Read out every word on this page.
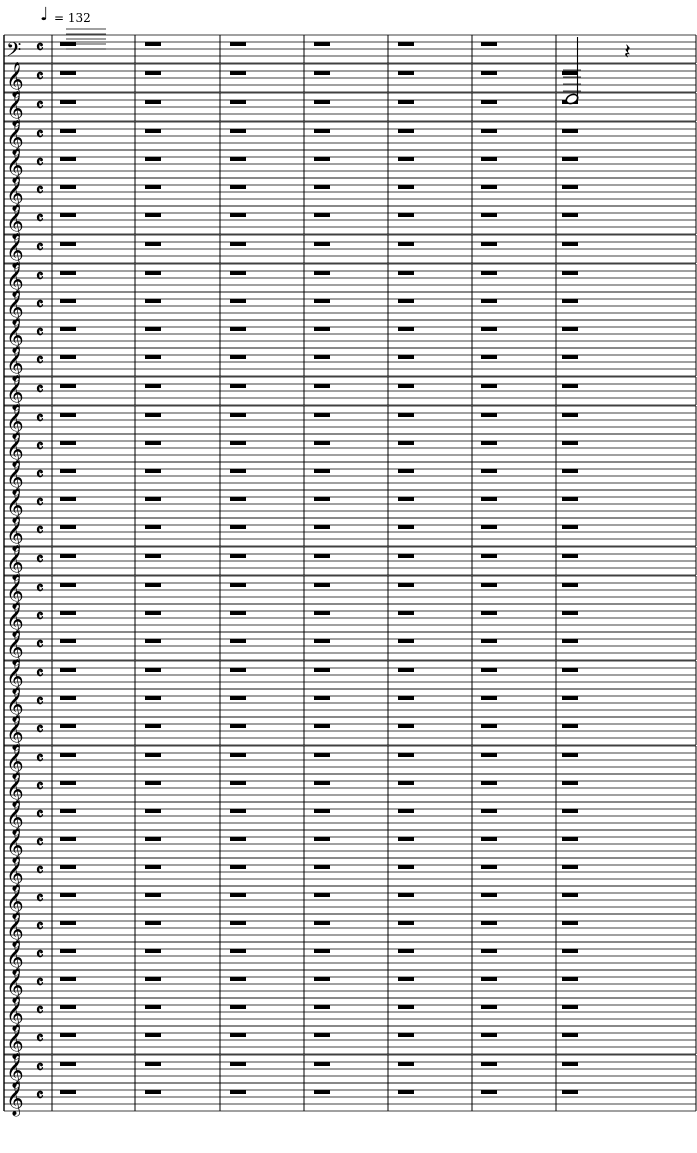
♩ = 132
𝄢 𝄴
𝄞 𝄴
𝄞 𝄴
𝄞 𝄴
𝄞 𝄴
𝄞 𝄴
𝄞 𝄴
𝄞 𝄴
𝄞 𝄴
𝄞 𝄴
𝄞 𝄴
𝄞 𝄴
𝄞 𝄴
𝄞 𝄴
𝄞 𝄴
𝄞 𝄴
𝄞 𝄴
𝄞 𝄴
𝄞 𝄴
𝄞 𝄴
𝄞 𝄴
𝄞 𝄴
𝄞 𝄴
𝄞 𝄴
𝄞 𝄴
𝄞 𝄴
𝄞 𝄴
𝄞 𝄴
𝄞 𝄴
𝄞 𝄴
𝄞 𝄴
𝄞 𝄴
𝄞 𝄴
𝄞 𝄴
𝄞 𝄴
𝄞 𝄴
𝄞 𝄴
𝄞 𝄴
𝄽
